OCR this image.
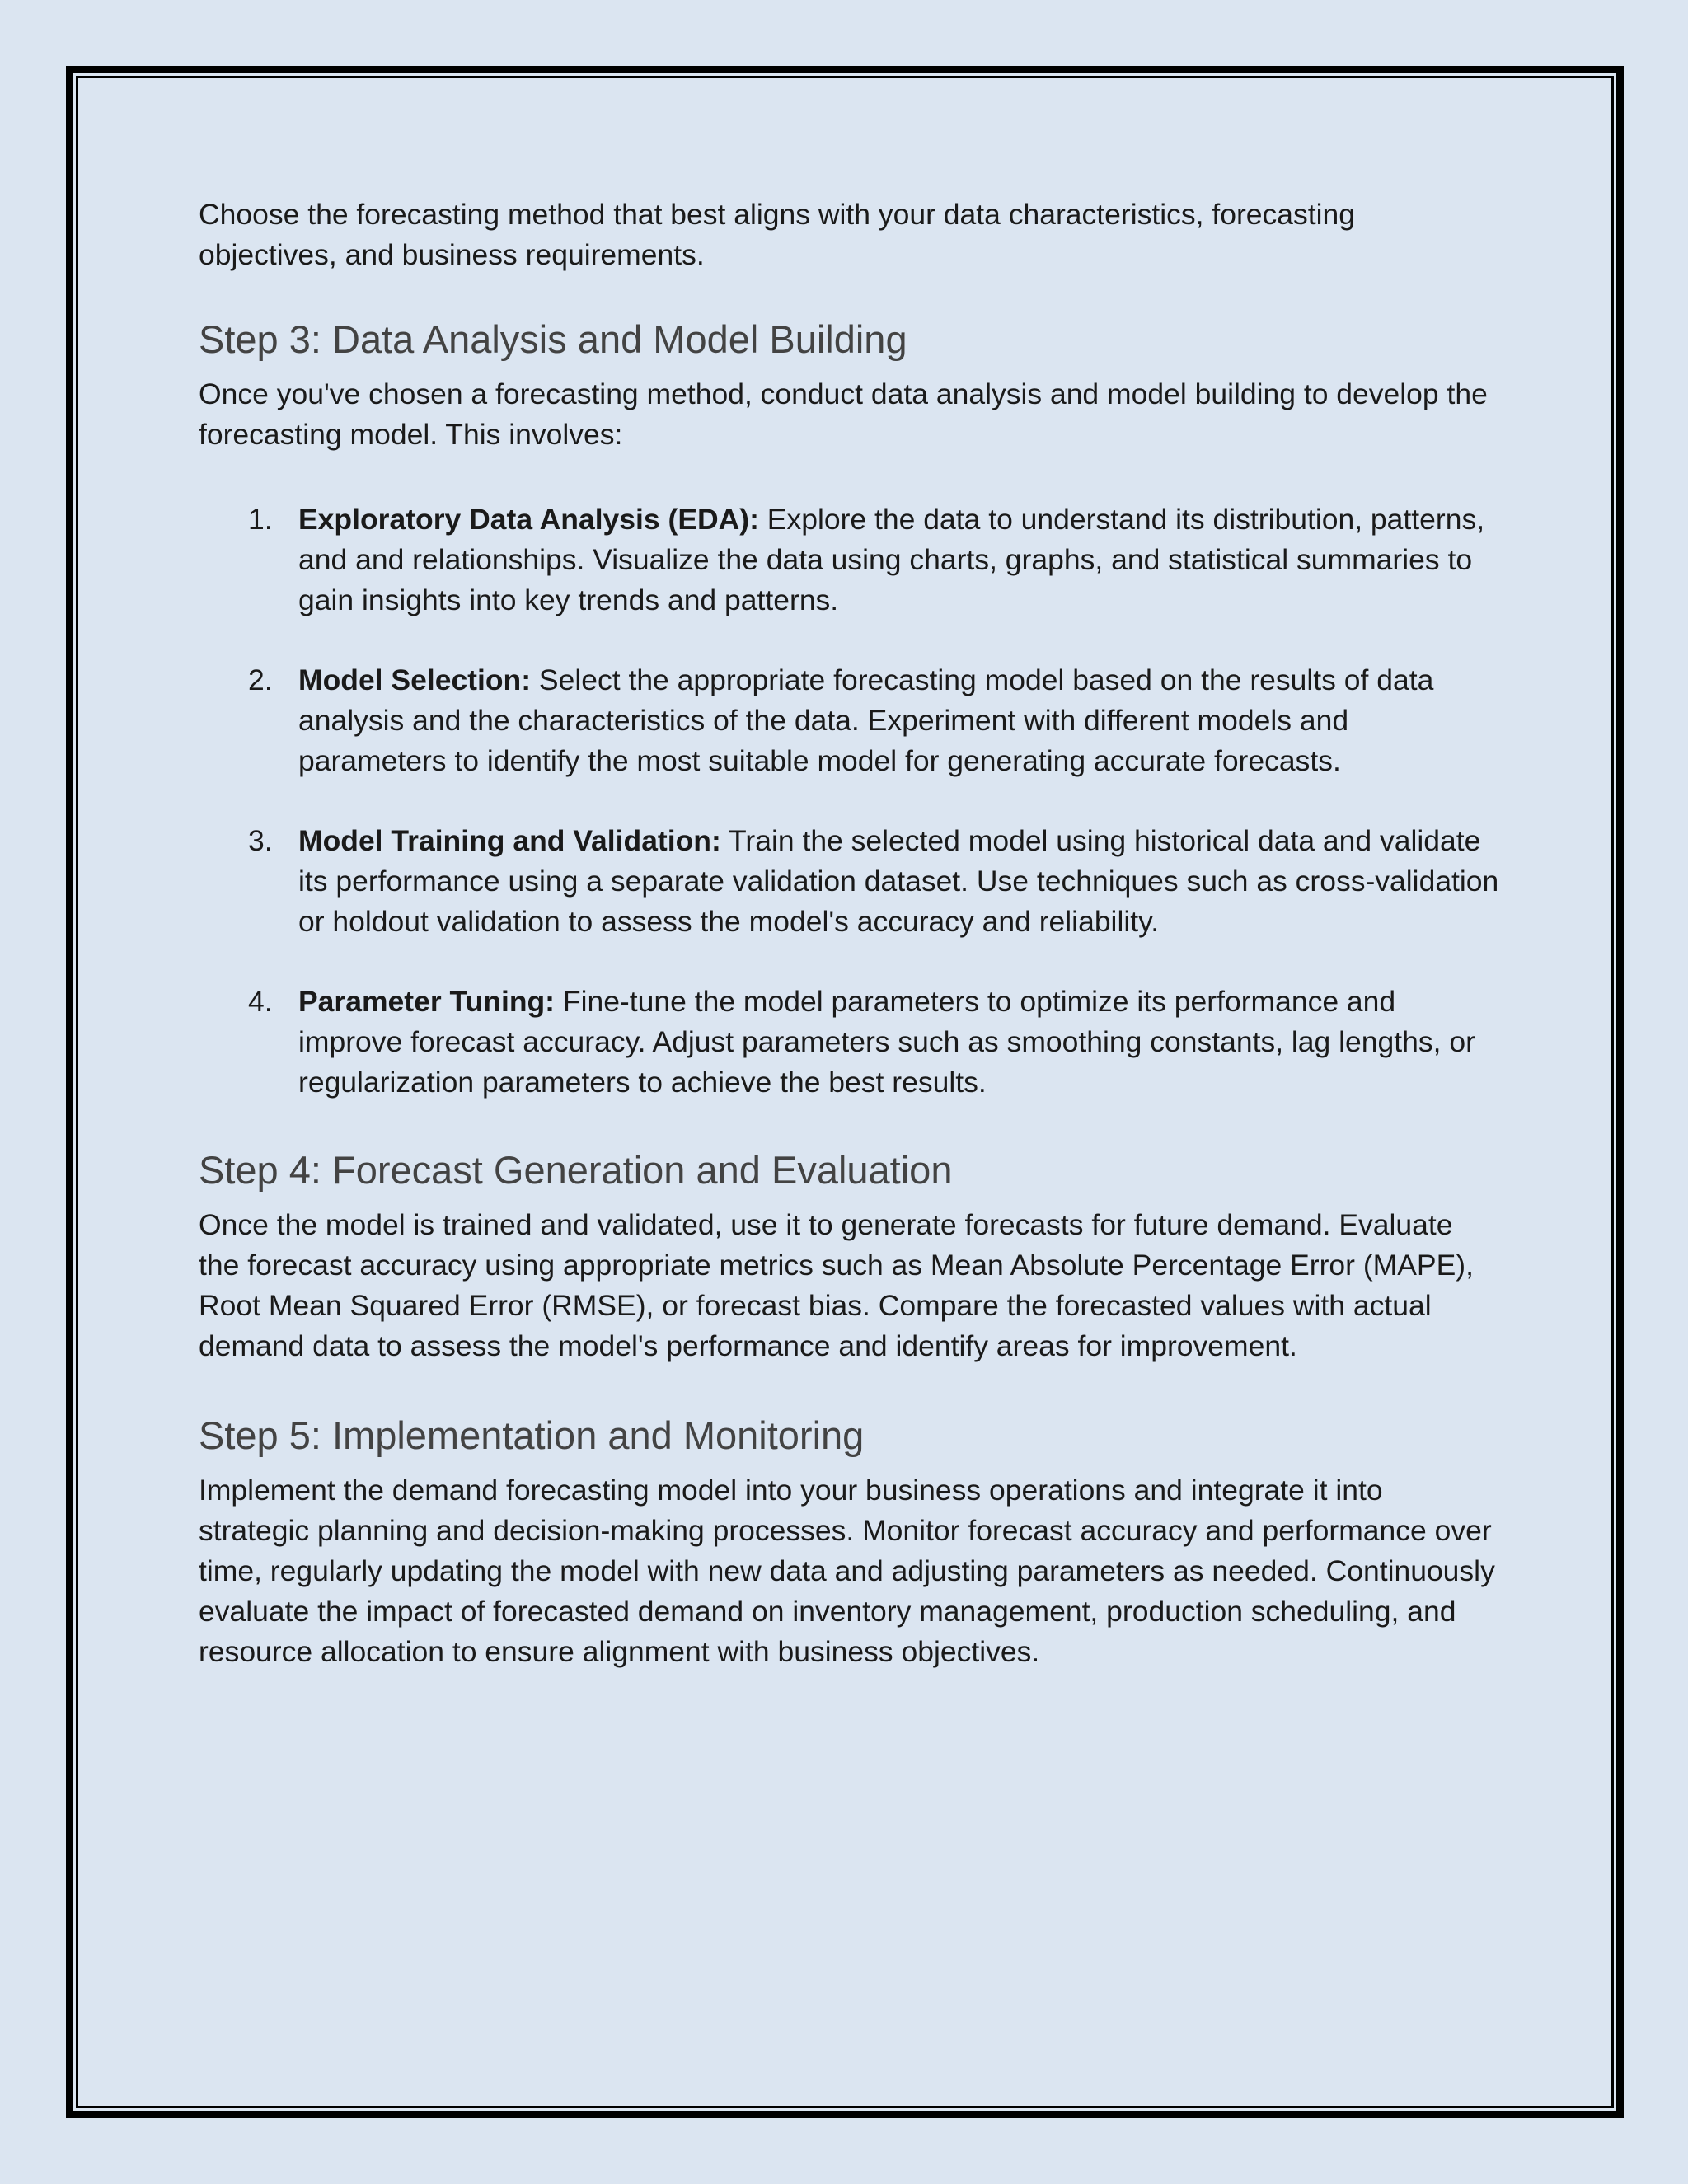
Choose the forecasting method that best aligns with your data characteristics, forecasting objectives, and business requirements.

Step 3: Data Analysis and Model Building

Once you've chosen a forecasting method, conduct data analysis and model building to develop the forecasting model. This involves:

1. Exploratory Data Analysis (EDA): Explore the data to understand its distribution, patterns, and and relationships. Visualize the data using charts, graphs, and statistical summaries to gain insights into key trends and patterns.
2. Model Selection: Select the appropriate forecasting model based on the results of data analysis and the characteristics of the data. Experiment with different models and parameters to identify the most suitable model for generating accurate forecasts.
3. Model Training and Validation: Train the selected model using historical data and validate its performance using a separate validation dataset. Use techniques such as cross-validation or holdout validation to assess the model's accuracy and reliability.
4. Parameter Tuning: Fine-tune the model parameters to optimize its performance and improve forecast accuracy. Adjust parameters such as smoothing constants, lag lengths, or regularization parameters to achieve the best results.
Step 4: Forecast Generation and Evaluation

Once the model is trained and validated, use it to generate forecasts for future demand. Evaluate the forecast accuracy using appropriate metrics such as Mean Absolute Percentage Error (MAPE), Root Mean Squared Error (RMSE), or forecast bias. Compare the forecasted values with actual demand data to assess the model's performance and identify areas for improvement.

Step 5: Implementation and Monitoring

Implement the demand forecasting model into your business operations and integrate it into strategic planning and decision-making processes. Monitor forecast accuracy and performance over time, regularly updating the model with new data and adjusting parameters as needed. Continuously evaluate the impact of forecasted demand on inventory management, production scheduling, and resource allocation to ensure alignment with business objectives.
